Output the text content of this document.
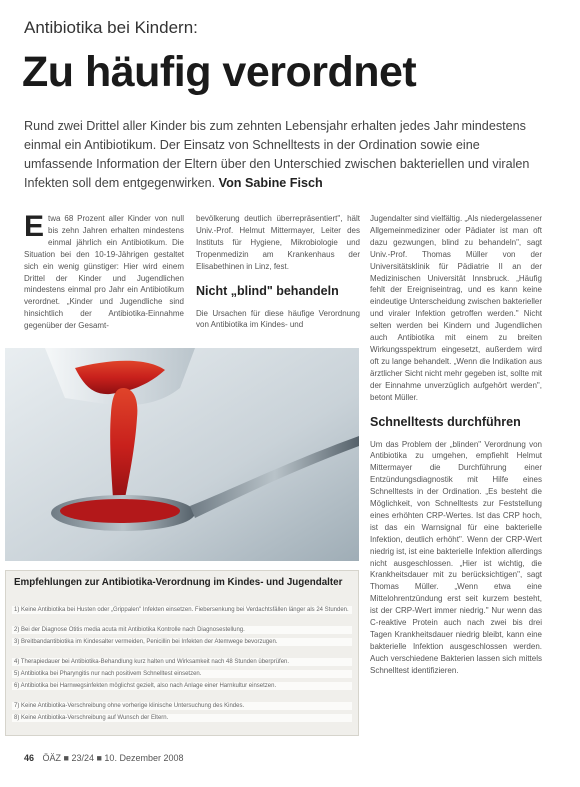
Antibiotika bei Kindern:
Zu häufig verordnet
Rund zwei Drittel aller Kinder bis zum zehnten Lebensjahr erhalten jedes Jahr mindestens einmal ein Antibiotikum. Der Einsatz von Schnelltests in der Ordination sowie eine umfassende Information der Eltern über den Unterschied zwischen bakteriellen und viralen Infekten soll dem entgegenwirken. Von Sabine Fisch

Etwa 68 Prozent aller Kinder von null bis zehn Jahren erhalten mindestens einmal jährlich ein Antibiotikum. Die Situation bei den 10-19-Jährigen gestaltet sich ein wenig günstiger: Hier wird einem Drittel der Kinder und Jugendlichen mindestens einmal pro Jahr ein Antibiotikum verordnet. „Kinder und Jugendliche sind hinsichtlich der Antibiotika-Einnahme gegenüber der Gesamt-

bevölkerung deutlich überrepräsentiert", hält Univ.-Prof. Helmut Mittermayer, Leiter des Instituts für Hygiene, Mikrobiologie und Tropenmedizin am Krankenhaus der Elisabethinen in Linz, fest.

Nicht „blind" behandeln

Die Ursachen für diese häufige Verordnung von Antibiotika im Kindes- und

Jugendalter sind vielfältig. „Als niedergelassener Allgemeinmediziner oder Pädiater ist man oft dazu gezwungen, blind zu behandeln", sagt Univ.-Prof. Thomas Müller von der Universitätsklinik für Pädiatrie II an der Medizinischen Universität Innsbruck. „Häufig fehlt der Ereigniseintrag, und es kann keine eindeutige Unterscheidung zwischen bakterieller und viraler Infektion getroffen werden." Nicht selten werden bei Kindern und Jugendlichen auch Antibiotika mit einem zu breiten Wirkungsspektrum eingesetzt, außerdem wird oft zu lange behandelt. „Wenn die Indikation aus ärztlicher Sicht nicht mehr gegeben ist, sollte mit der Einnahme unverzüglich aufgehört werden", betont Müller.

Schnelltests durchführen

Um das Problem der „blinden" Verordnung von Antibiotika zu umgehen, empfiehlt Helmut Mittermayer die Durchführung einer Entzündungsdiagnostik mit Hilfe eines Schnelltests in der Ordination. „Es besteht die Möglichkeit, von Schnelltests zur Feststellung eines erhöhten CRP-Wertes. Ist das CRP hoch, ist das ein Warnsignal für eine bakterielle Infektion, deutlich erhöht". Wenn der CRP-Wert niedrig ist, ist eine bakterielle Infektion allerdings nicht ausgeschlossen. „Hier ist wichtig, die Krankheitsdauer mit zu berücksichtigen", sagt Thomas Müller. „Wenn etwa eine Mittelohrentzündung erst seit kurzem besteht, ist der CRP-Wert immer niedrig." Nur wenn das C-reaktive Protein auch nach zwei bis drei Tagen Krankheitsdauer niedrig bleibt, kann eine bakterielle Infektion ausgeschlossen werden. Auch verschiedene Bakterien lassen sich mittels Schnelltest identifizieren.

Empfehlungen zur Antibiotika-Verordnung im Kindes- und Jugendalter
1) Keine Antibiotika bei Husten oder „Grippalen" Infekten einsetzen. Fiebersenkung bei Verdachtsfällen länger als 24 Stunden.
2) Bei der Diagnose Otitis media acuta mit Antibiotika Kontrolle nach Diagnosestellung.
3) Breitbandantibiotika im Kindesalter vermeiden, Penicillin bei Infekten der Atemwege bevorzugen.
4) Therapiedauer bei Antibiotika-Behandlung kurz halten und Wirksamkeit nach 48 Stunden überprüfen.
5) Antibiotika bei Pharyngitis nur nach positivem Schnelltest einsetzen.
6) Antibiotika bei Harnwegsinfekten möglichst gezielt, also nach Anlage einer Harnkultur einsetzen.
7) Keine Antibiotika-Verschreibung ohne vorherige klinische Untersuchung des Kindes.
8) Keine Antibiotika-Verschreibung auf Wunsch der Eltern.
46 ÖÄZ ■ 23/24 ■ 10. Dezember 2008
